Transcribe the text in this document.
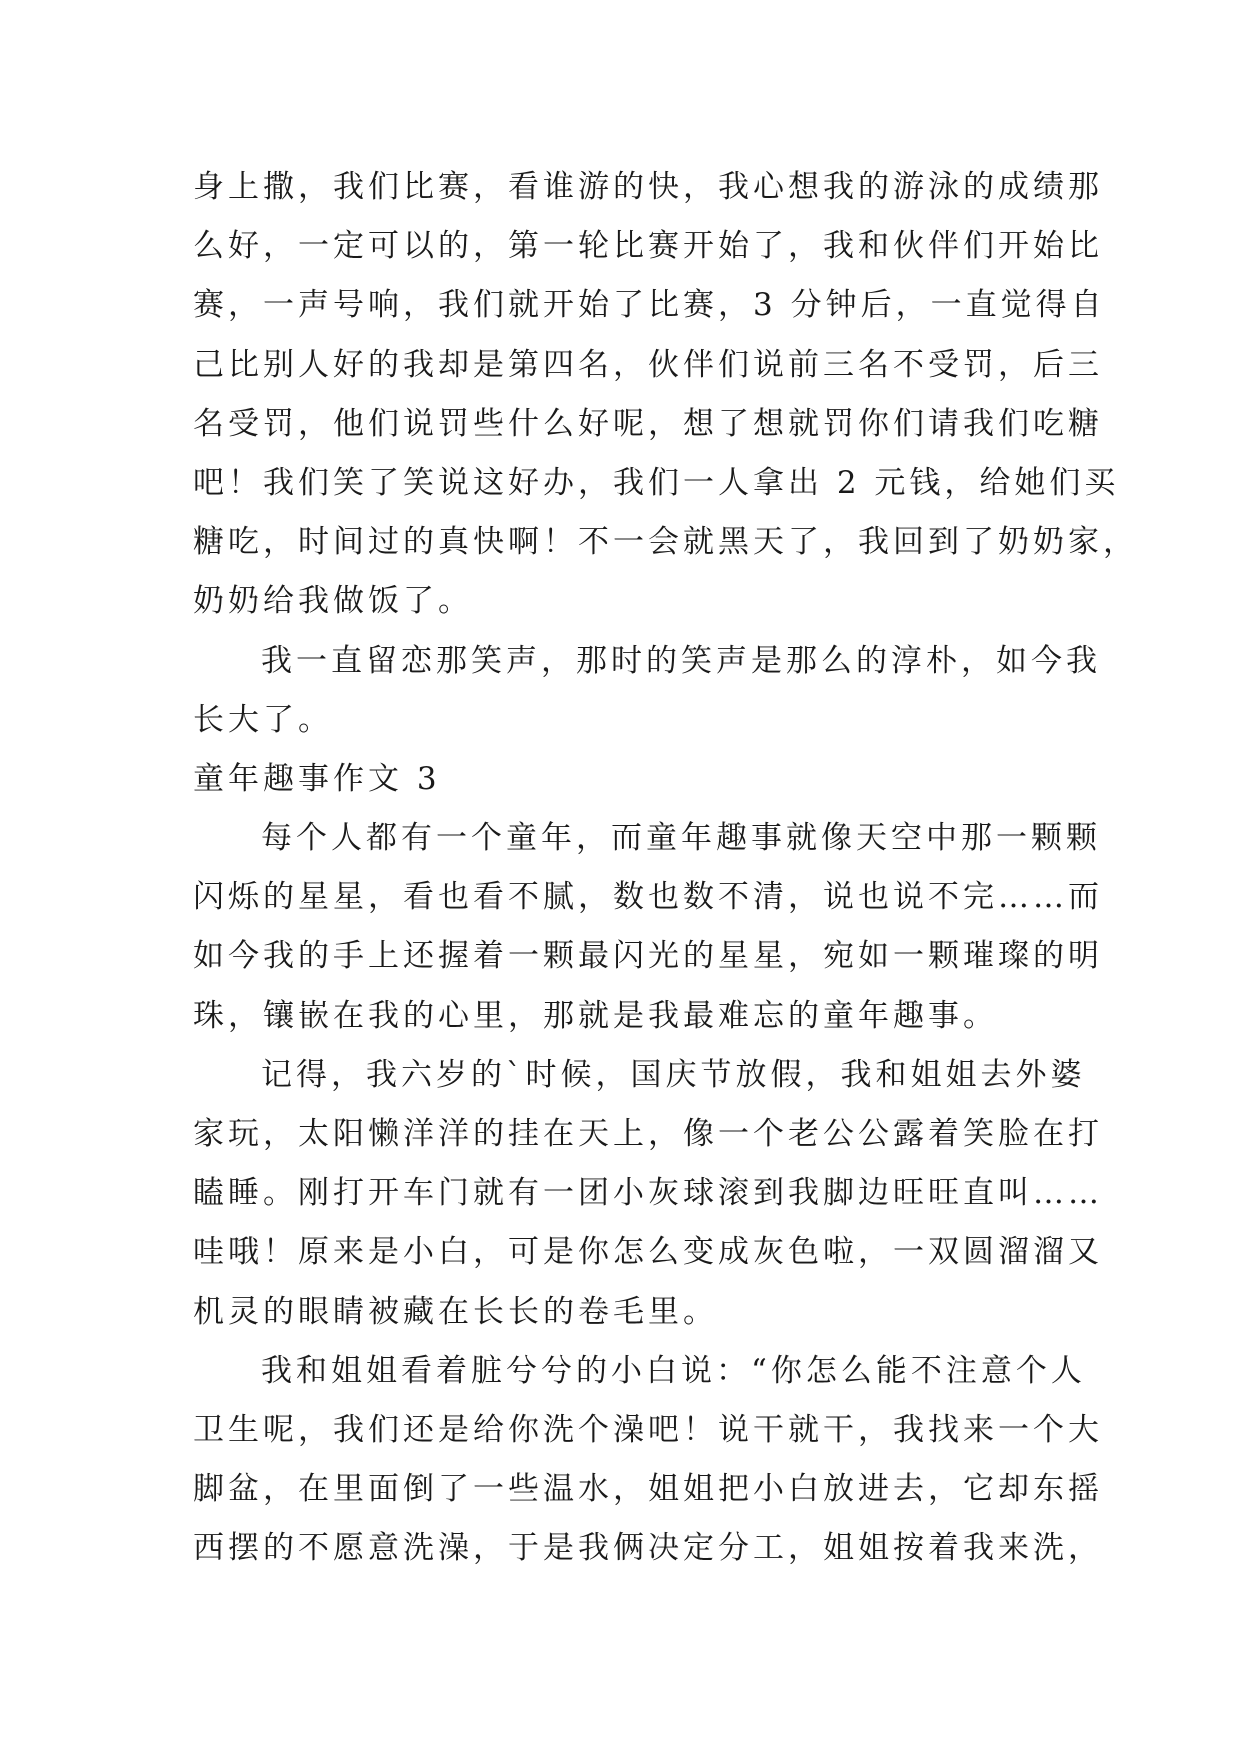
身上撒，我们比赛，看谁游的快，我心想我的游泳的成绩那
么好，一定可以的，第一轮比赛开始了，我和伙伴们开始比
赛，一声号响，我们就开始了比赛，3 分钟后，一直觉得自
己比别人好的我却是第四名，伙伴们说前三名不受罚，后三
名受罚，他们说罚些什么好呢，想了想就罚你们请我们吃糖
吧！我们笑了笑说这好办，我们一人拿出 2 元钱，给她们买
糖吃，时间过的真快啊！不一会就黑天了，我回到了奶奶家，
奶奶给我做饭了。
我一直留恋那笑声，那时的笑声是那么的淳朴，如今我
长大了。
童年趣事作文 3
每个人都有一个童年，而童年趣事就像天空中那一颗颗
闪烁的星星，看也看不腻，数也数不清，说也说不完……而
如今我的手上还握着一颗最闪光的星星，宛如一颗璀璨的明
珠，镶嵌在我的心里，那就是我最难忘的童年趣事。
记得，我六岁的`时候，国庆节放假，我和姐姐去外婆
家玩，太阳懒洋洋的挂在天上，像一个老公公露着笑脸在打
瞌睡。刚打开车门就有一团小灰球滚到我脚边旺旺直叫……
哇哦！原来是小白，可是你怎么变成灰色啦，一双圆溜溜又
机灵的眼睛被藏在长长的卷毛里。
我和姐姐看着脏兮兮的小白说：“你怎么能不注意个人
卫生呢，我们还是给你洗个澡吧！说干就干，我找来一个大
脚盆，在里面倒了一些温水，姐姐把小白放进去，它却东摇
西摆的不愿意洗澡，于是我俩决定分工，姐姐按着我来洗，
